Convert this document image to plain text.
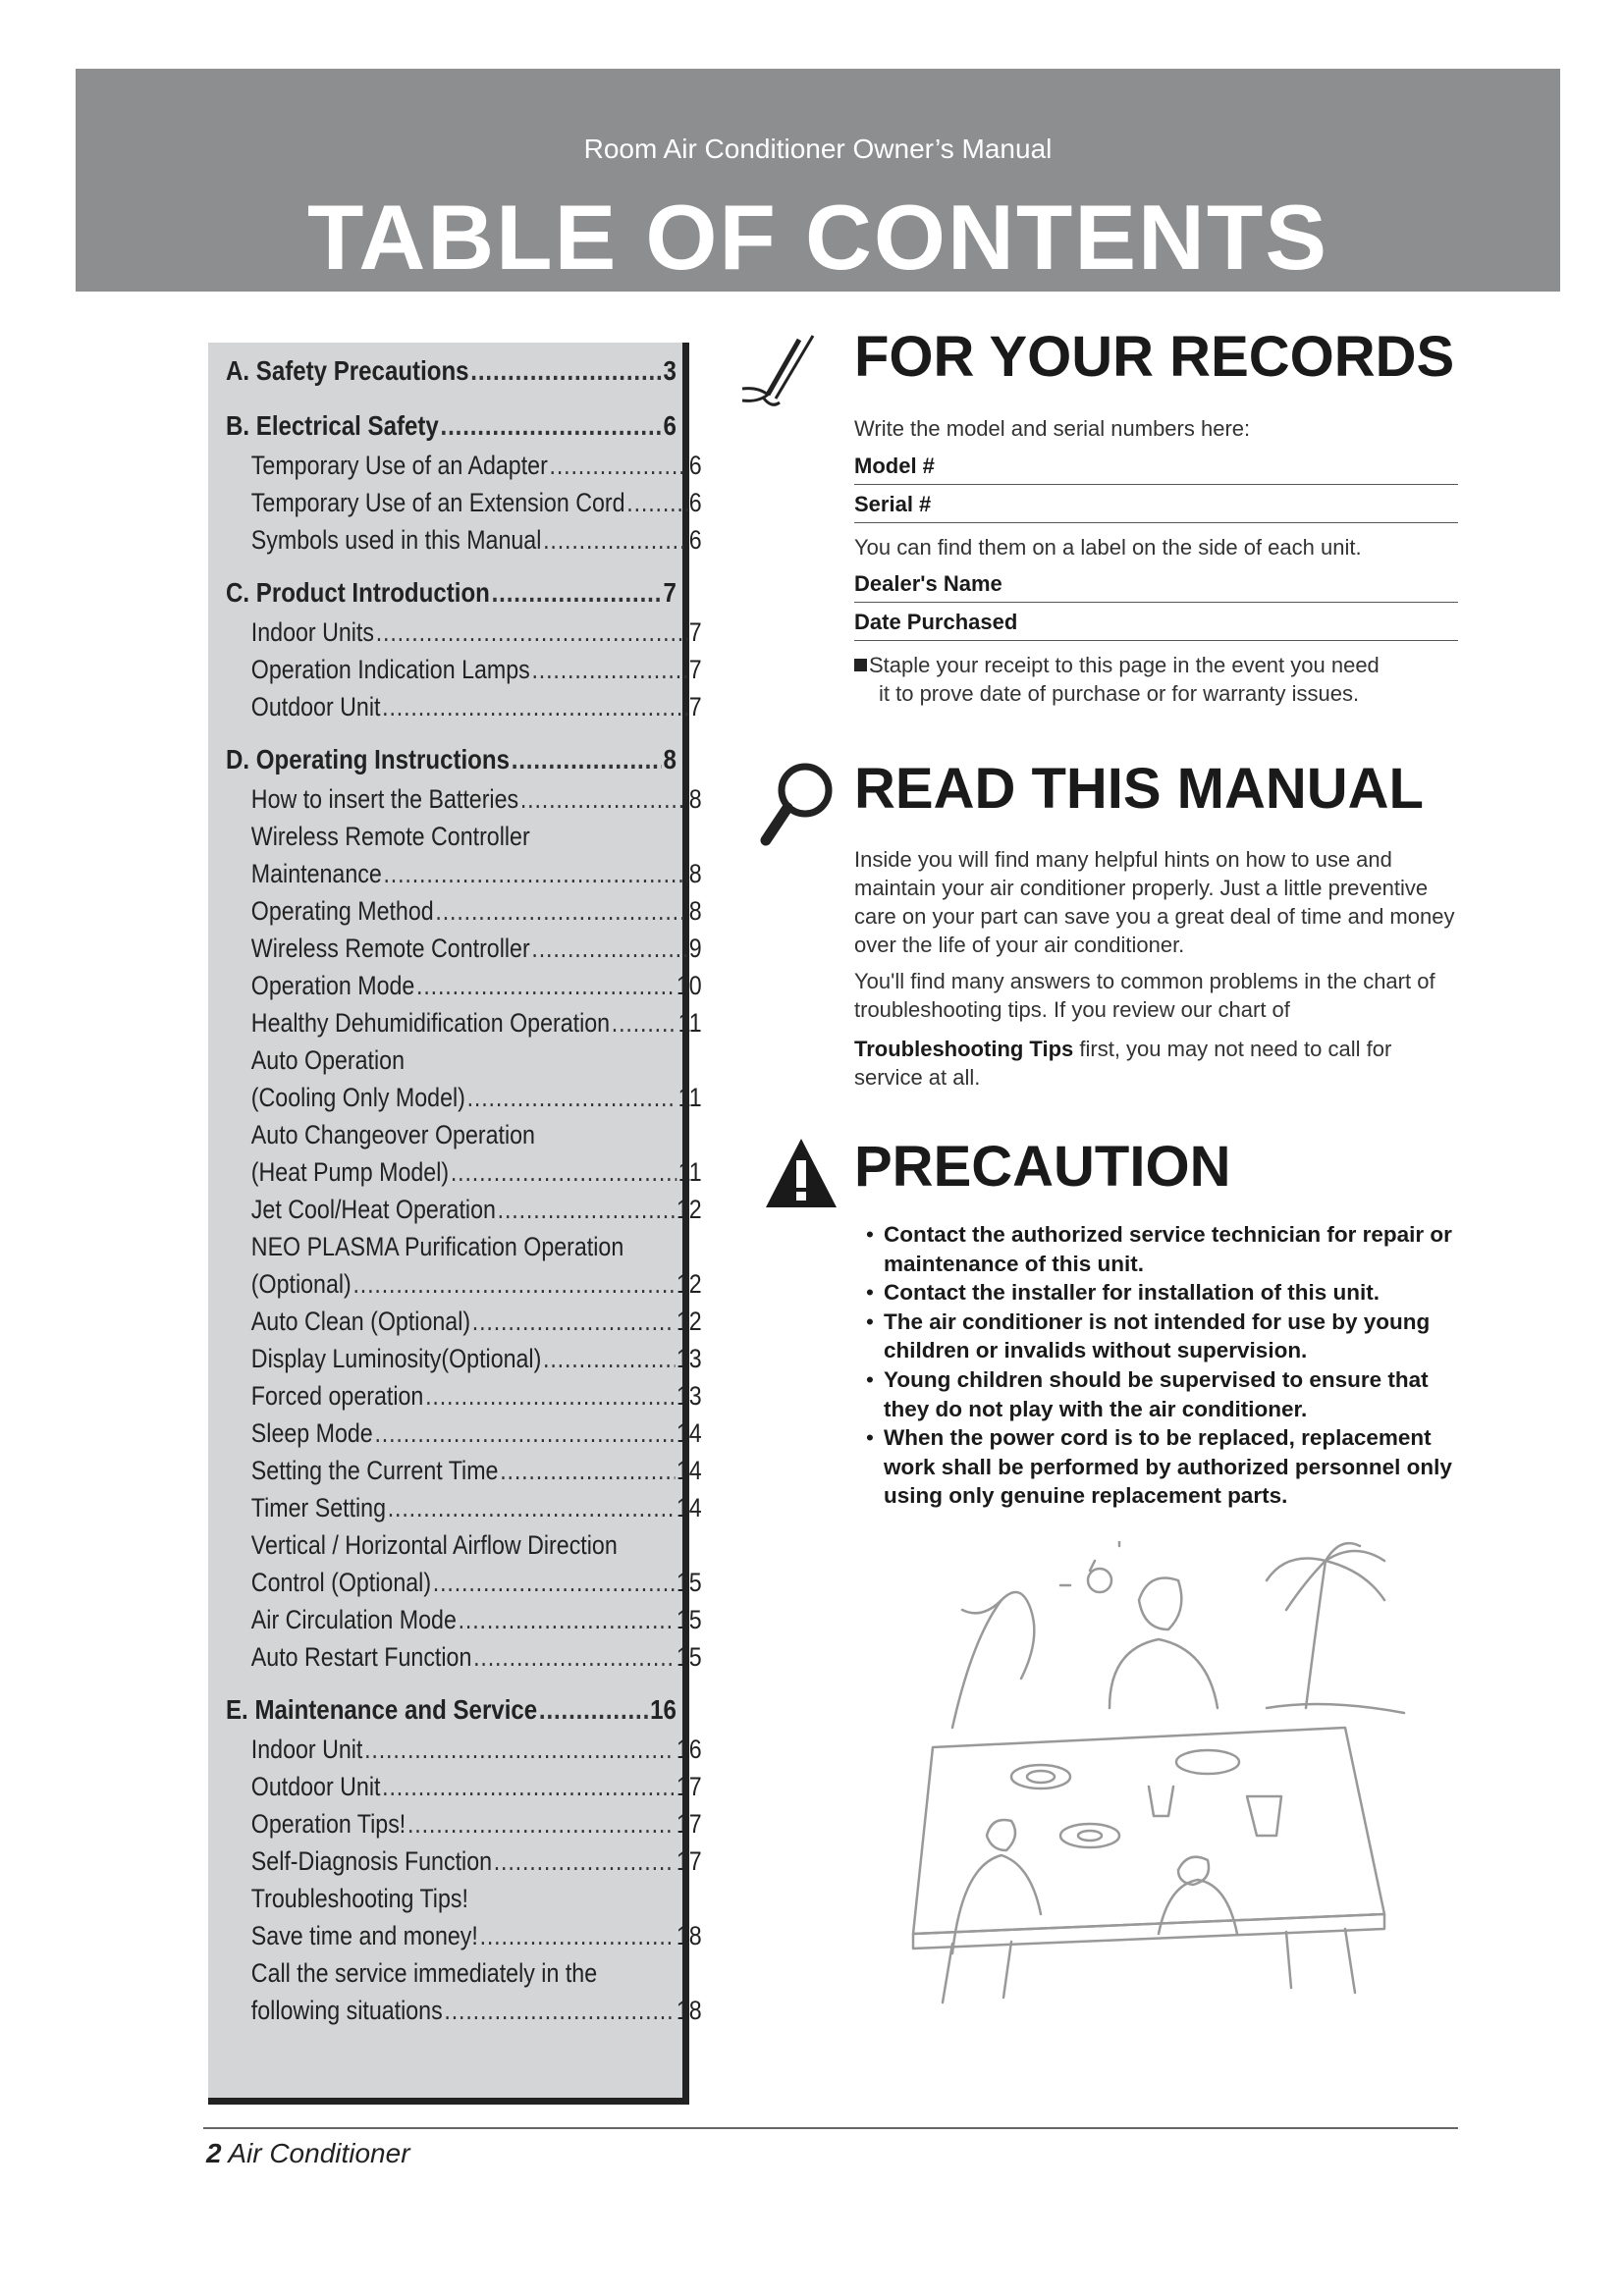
Room Air Conditioner Owner’s Manual
TABLE OF CONTENTS
A. Safety Precautions .....	3
B. Electrical Safety .....	6
Temporary Use of an Adapter .....	6
Temporary Use of an Extension Cord ..... 6
Symbols used in this Manual .....	6
C. Product Introduction .....	7
Indoor Units .....	7
Operation Indication Lamps .....	7
Outdoor Unit .....	7
D. Operating Instructions .....	8
How to insert the Batteries .....	8
Wireless Remote Controller
Maintenance .....	8
Operating Method .....	8
Wireless Remote Controller .....	9
Operation Mode .....	10
Healthy Dehumidification Operation .....	11
Auto Operation
(Cooling Only Model) .....	11
Auto Changeover Operation
(Heat Pump Model) .....	11
Jet Cool/Heat Operation .....	12
NEO PLASMA Purification Operation
(Optional) .....	12
Auto Clean (Optional) .....	12
Display Luminosity(Optional) .....	13
Forced operation .....	13
Sleep Mode .....	14
Setting the Current Time .....	14
Timer Setting .....	14
Vertical / Horizontal Airflow Direction
Control (Optional) .....	15
Air Circulation Mode .....	15
Auto Restart Function .....	15
E. Maintenance and Service .....	16
Indoor Unit .....	16
Outdoor Unit .....	17
Operation Tips! .....	17
Self-Diagnosis Function .....	17
Troubleshooting Tips!
Save time and money! .....	18
Call the service immediately in the
following situations .....	18
FOR YOUR RECORDS
Write the model and serial numbers here:
Model #
Serial #
You can find them on a label on the side of each unit.
Dealer's Name
Date Purchased
Staple your receipt to this page in the event you need
it to prove date of purchase or for warranty issues.
READ THIS MANUAL
Inside you will find many helpful hints on how to use and maintain your air conditioner properly. Just a little preventive care on your part can save you a great deal of time and money over the life of your air conditioner.
You'll find many answers to common problems in the chart of troubleshooting tips. If you review our chart of
Troubleshooting Tips first, you may not need to call for service at all.
PRECAUTION
• Contact the authorized service technician for repair or maintenance of this unit.
• Contact the installer for installation of this unit.
• The air conditioner is not intended for use by young children or invalids without supervision.
• Young children should be supervised to ensure that they do not play with the air conditioner.
• When the power cord is to be replaced, replacement work shall be performed by authorized personnel only using only genuine replacement parts.
2 Air Conditioner
